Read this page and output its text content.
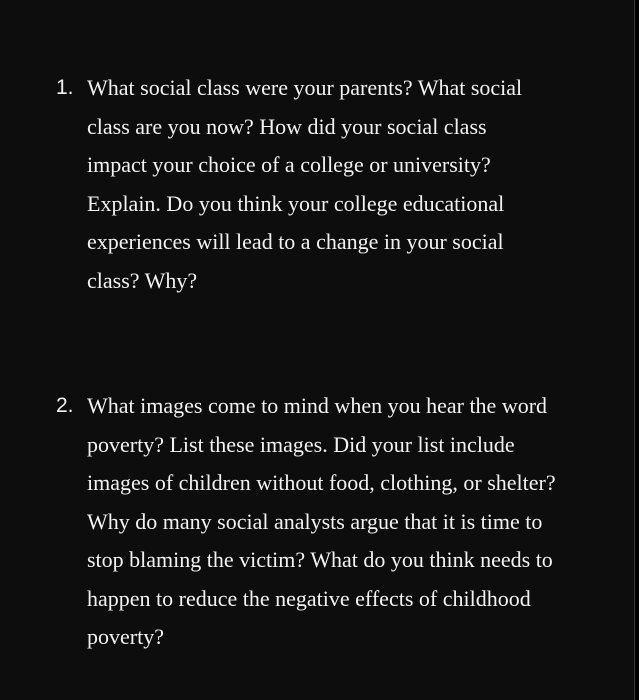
1. What social class were your parents? What social
class are you now? How did your social class
impact your choice of a college or university?
Explain. Do you think your college educational
experiences will lead to a change in your social
class? Why?
2. What images come to mind when you hear the word
poverty? List these images. Did your list include
images of children without food, clothing, or shelter?
Why do many social analysts argue that it is time to
stop blaming the victim? What do you think needs to
happen to reduce the negative effects of childhood
poverty?
